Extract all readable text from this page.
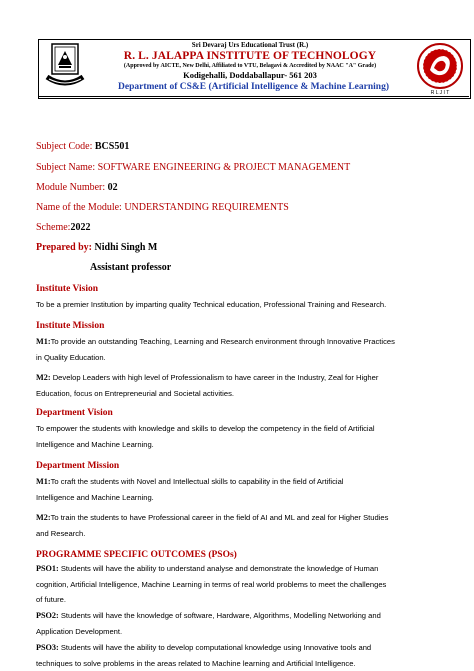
Sri Devaraj Urs Educational Trust (R.)
R. L. JALAPPA INSTITUTE OF TECHNOLOGY
(Approved by AICTE, New Delhi, Affiliated to VTU, Belagavi & Accredited by NAAC "A" Grade)
Kodigehalli, Doddaballapur- 561 203
R L J I T
Department of CS&E (Artificial Intelligence & Machine Learning)
Subject Code: BCS501
Subject Name: SOFTWARE ENGINEERING & PROJECT MANAGEMENT
Module Number: 02
Name of the Module: UNDERSTANDING REQUIREMENTS
Scheme:2022
Prepared by: Nidhi Singh M
Assistant professor
Institute Vision
To be a premier Institution by imparting quality Technical education, Professional Training and Research.
Institute Mission
M1:To provide an outstanding Teaching, Learning and Research environment through Innovative Practices
in Quality Education.
M2: Develop Leaders with high level of Professionalism to have career in the Industry, Zeal for Higher
Education, focus on Entrepreneurial and Societal activities.
Department Vision
To empower the students with knowledge and skills to develop the competency in the field of Artificial
Intelligence and Machine Learning.
Department Mission
M1:To craft the students with Novel and Intellectual skills to capability in the field of Artificial
Intelligence and Machine Learning.
M2:To train the students to have Professional career in the field of AI and ML and zeal for Higher Studies
and Research.
PROGRAMME SPECIFIC OUTCOMES (PSOs)
PSO1: Students will have the ability to understand analyse and demonstrate the knowledge of Human
cognition, Artificial Intelligence, Machine Learning in terms of real world problems to meet the challenges
of future.
PSO2: Students will have the knowledge of software, Hardware, Algorithms, Modelling Networking and
Application Development.
PSO3: Students will have the ability to develop computational knowledge using Innovative tools and
techniques to solve problems in the areas related to Machine learning and Artificial Intelligence.
